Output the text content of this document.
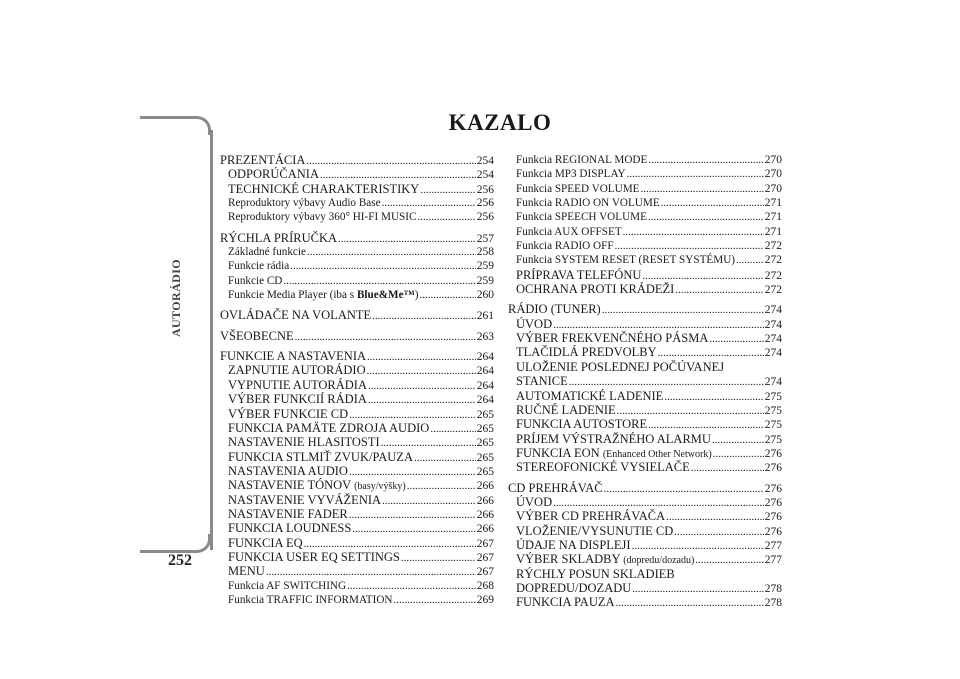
AUTORÁDIO
252
KAZALO
PREZENTÁCIA .....	254
ODPORÚČANIA .....	254
TECHNICKÉ CHARAKTERISTIKY .....	256
Reproduktory výbavy Audio Base .....	256
Reproduktory výbavy 360° HI-FI MUSIC .....	256
RÝCHLA PRÍRUČKA .....	257
Základné funkcie .....	258
Funkcie rádia .....	259
Funkcie CD .....	259
Funkcie Media Player (iba s Blue&Me™) .....	260
OVLÁDAČE NA VOLANTE .....	261
VŠEOBECNE .....	263
FUNKCIE A NASTAVENIA .....	264
ZAPNUTIE AUTORÁDIO .....	264
VYPNUTIE AUTORÁDIA .....	264
VÝBER FUNKCIÍ RÁDIA .....	264
VÝBER FUNKCIE CD .....	265
FUNKCIA PAMÄTE ZDROJA AUDIO .....	265
NASTAVENIE HLASITOSTI .....	265
FUNKCIA STLMIŤ ZVUK/PAUZA .....	265
NASTAVENIA AUDIO .....	265
NASTAVENIE TÓNOV (basy/výšky) .....	266
NASTAVENIE VYVÁŽENIA .....	266
NASTAVENIE FADER .....	266
FUNKCIA LOUDNESS .....	266
FUNKCIA EQ .....	267
FUNKCIA USER EQ SETTINGS .....	267
MENU .....	267
Funkcia AF SWITCHING .....	268
Funkcia TRAFFIC INFORMATION .....	269
Funkcia REGIONAL MODE .....	270
Funkcia MP3 DISPLAY .....	270
Funkcia SPEED VOLUME .....	270
Funkcia RADIO ON VOLUME .....	271
Funkcia SPEECH VOLUME .....	271
Funkcia AUX OFFSET .....	271
Funkcia RADIO OFF .....	272
Funkcia SYSTEM RESET (RESET SYSTÉMU) .....	272
PRÍPRAVA TELEFÓNU .....	272
OCHRANA PROTI KRÁDEŽI .....	272
RÁDIO (TUNER) .....	274
ÚVOD .....	274
VÝBER FREKVENČNÉHO PÁSMA .....	274
TLAČIDLÁ PREDVOLBY .....	274
ULOŽENIE POSLEDNEJ POČÚVANEJ
STANICE .....	274
AUTOMATICKÉ LADENIE .....	275
RUČNÉ LADENIE .....	275
FUNKCIA AUTOSTORE .....	275
PRÍJEM VÝSTRAŽNÉHO ALARMU .....	275
FUNKCIA EON (Enhanced Other Network) .....	276
STEREOFONICKÉ VYSIELAČE .....	276
CD PREHRÁVAČ .....	276
ÚVOD .....	276
VÝBER CD PREHRÁVAČA .....	276
VLOŽENIE/VYSUNUTIE CD .....	276
ÚDAJE NA DISPLEJI .....	277
VÝBER SKLADBY (dopredu/dozadu) .....	277
RÝCHLY POSUN SKLADIEB
DOPREDU/DOZADU .....	278
FUNKCIA PAUZA .....	278
